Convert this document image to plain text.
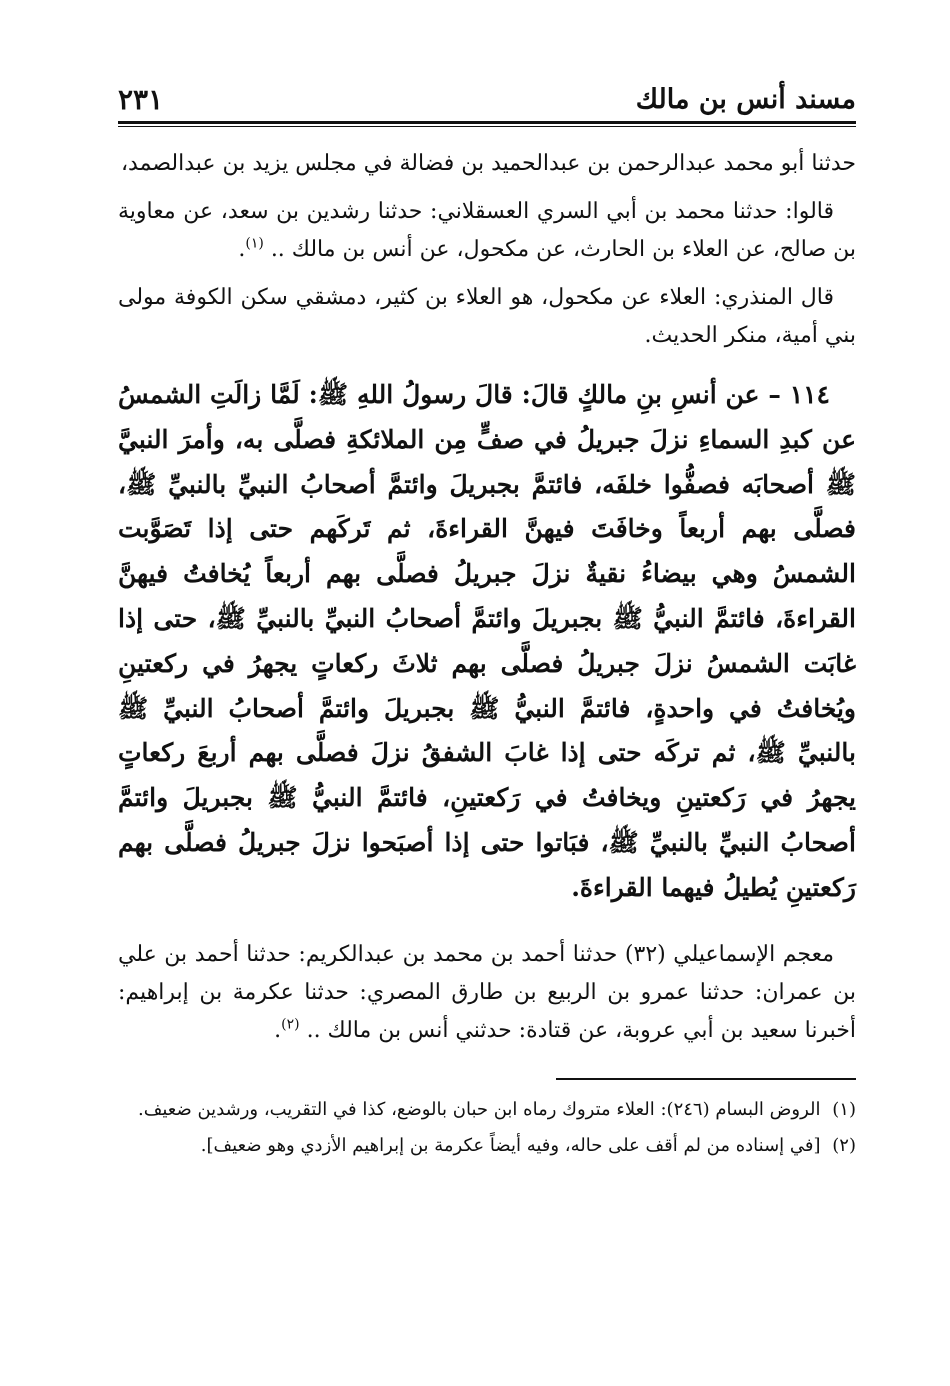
مسند أنس بن مالك
٢٣١

حدثنا أبو محمد عبدالرحمن بن عبدالحميد بن فضالة في مجلس يزيد بن عبدالصمد،

قالوا: حدثنا محمد بن أبي السري العسقلاني: حدثنا رشدين بن سعد، عن معاوية بن صالح، عن العلاء بن الحارث، عن مكحول، عن أنس بن مالك .. $^{(١)}$.

قال المنذري: العلاء عن مكحول، هو العلاء بن كثير، دمشقي سكن الكوفة مولى بني أمية، منكر الحديث.

١١٤ – عن أنسِ بنِ مالكٍ قالَ: قالَ رسولُ اللهِ ﷺ: لَمَّا زالَتِ الشمسُ عن كبدِ السماءِ نزلَ جبريلُ في صفٍّ مِن الملائكةِ فصلَّى به، وأمرَ النبيَّ ﷺ أصحابَه فصفُّوا خلفَه، فائتمَّ بجبريلَ وائتمَّ أصحابُ النبيِّ بالنبيِّ ﷺ، فصلَّى بهم أربعاً وخافَتَ فيهنَّ القراءةَ، ثم تَركَهم حتى إذا تَصَوَّبت الشمسُ وهي بيضاءُ نقيةٌ نزلَ جبريلُ فصلَّى بهم أربعاً يُخافتُ فيهنَّ القراءةَ، فائتمَّ النبيُّ ﷺ بجبريلَ وائتمَّ أصحابُ النبيِّ بالنبيِّ ﷺ، حتى إذا غابَت الشمسُ نزلَ جبريلُ فصلَّى بهم ثلاثَ ركعاتٍ يجهرُ في ركعتينِ ويُخافتُ في واحدةٍ، فائتمَّ النبيُّ ﷺ بجبريلَ وائتمَّ أصحابُ النبيِّ ﷺ بالنبيِّ ﷺ، ثم تركَه حتى إذا غابَ الشفقُ نزلَ فصلَّى بهم أربعَ ركعاتٍ يجهرُ في رَكعتينِ ويخافتُ في رَكعتينِ، فائتمَّ النبيُّ ﷺ بجبريلَ وائتمَّ أصحابُ النبيِّ بالنبيِّ ﷺ، فبَاتوا حتى إذا أصبَحوا نزلَ جبريلُ فصلَّى بهم رَكعتينِ يُطيلُ فيهما القراءةَ.

معجم الإسماعيلي (٣٢) حدثنا أحمد بن محمد بن عبدالكريم: حدثنا أحمد بن علي بن عمران: حدثنا عمرو بن الربيع بن طارق المصري: حدثنا عكرمة بن إبراهيم: أخبرنا سعيد بن أبي عروبة، عن قتادة: حدثني أنس بن مالك .. $^{(٢)}$.

(١) الروض البسام (٢٤٦): العلاء متروك رماه ابن حبان بالوضع، كذا في التقريب، ورشدين ضعيف.

(٢) [في إسناده من لم أقف على حاله، وفيه أيضاً عكرمة بن إبراهيم الأزدي وهو ضعيف].
